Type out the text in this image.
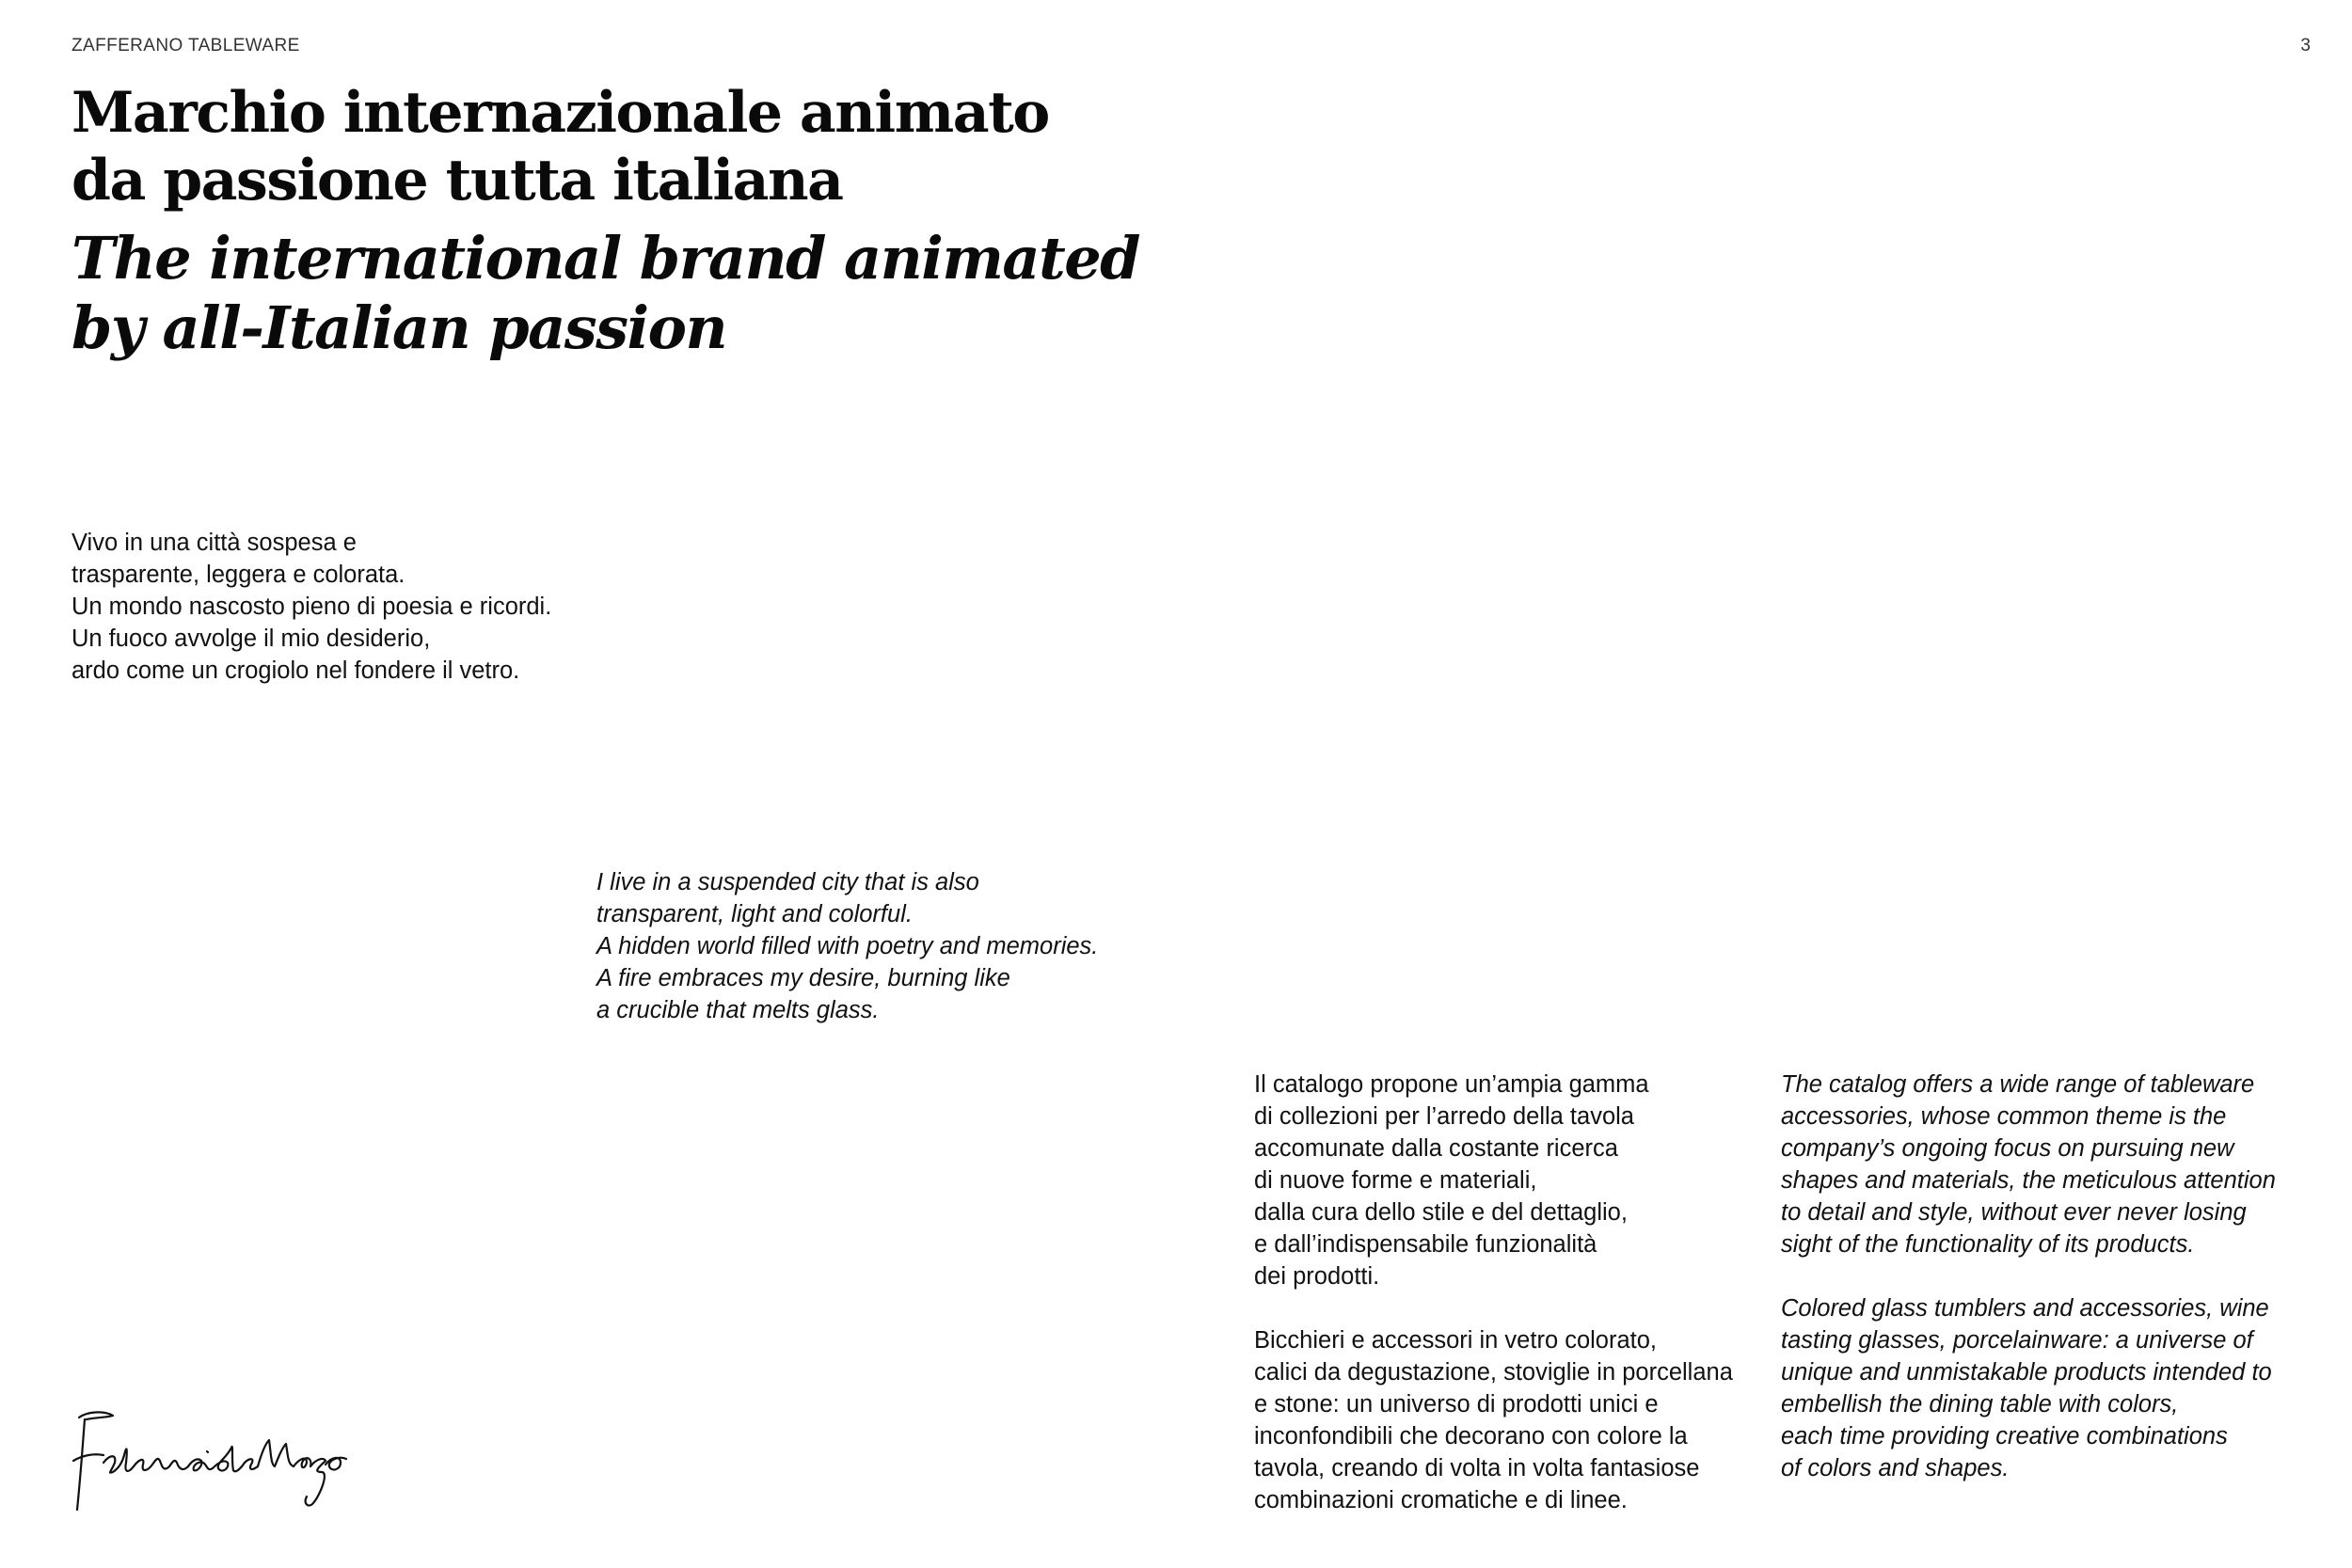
ZAFFERANO TABLEWARE	3
Marchio internazionale animato
da passione tutta italiana
The international brand animated
by all-Italian passion
Vivo in una città sospesa e
trasparente, leggera e colorata.
Un mondo nascosto pieno di poesia e ricordi.
Un fuoco avvolge il mio desiderio,
ardo come un crogiolo nel fondere il vetro.
I live in a suspended city that is also
transparent, light and colorful.
A hidden world filled with poetry and memories.
A fire embraces my desire, burning like
a crucible that melts glass.
Il catalogo propone un’ampia gamma
di collezioni per l’arredo della tavola
accomunate dalla costante ricerca
di nuove forme e materiali,
dalla cura dello stile e del dettaglio,
e dall’indispensabile funzionalità
dei prodotti.
Bicchieri e accessori in vetro colorato,
calici da degustazione, stoviglie in porcellana
e stone: un universo di prodotti unici e
inconfondibili che decorano con colore la
tavola, creando di volta in volta fantasiose
combinazioni cromatiche e di linee.
The catalog offers a wide range of tableware
accessories, whose common theme is the
company’s ongoing focus on pursuing new
shapes and materials, the meticulous attention
to detail and style, without ever never losing
sight of the functionality of its products.
Colored glass tumblers and accessories, wine
tasting glasses, porcelainware: a universe of
unique and unmistakable products intended to
embellish the dining table with colors,
each time providing creative combinations
of colors and shapes.
